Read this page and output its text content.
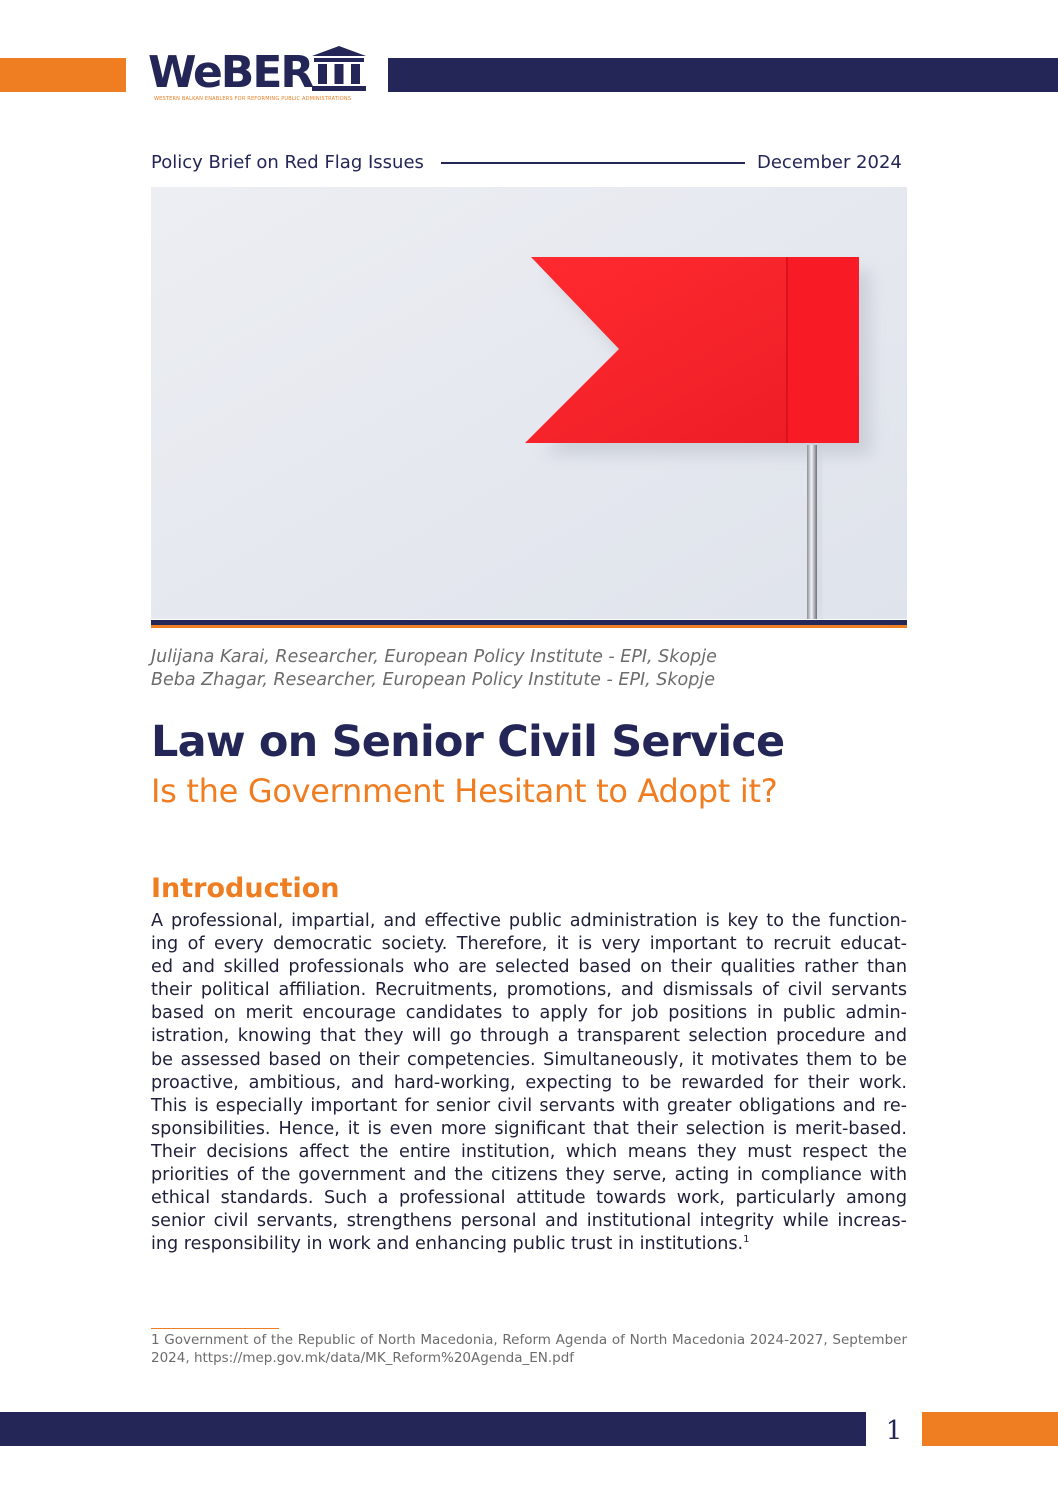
WeBER
WESTERN BALKAN ENABLERS FOR REFORMING PUBLIC ADMINISTRATIONS
Policy Brief on Red Flag Issues	December 2024
Julijana Karai, Researcher, European Policy Institute - EPI, Skopje
Beba Zhagar, Researcher, European Policy Institute - EPI, Skopje
Law on Senior Civil Service
Is the Government Hesitant to Adopt it?
Introduction
A professional, impartial, and effective public administration is key to the function-
ing of every democratic society. Therefore, it is very important to recruit educat-
ed and skilled professionals who are selected based on their qualities rather than
their political affiliation. Recruitments, promotions, and dismissals of civil servants
based on merit encourage candidates to apply for job positions in public admin-
istration, knowing that they will go through a transparent selection procedure and
be assessed based on their competencies. Simultaneously, it motivates them to be
proactive, ambitious, and hard-working, expecting to be rewarded for their work.
This is especially important for senior civil servants with greater obligations and re-
sponsibilities. Hence, it is even more significant that their selection is merit-based.
Their decisions affect the entire institution, which means they must respect the
priorities of the government and the citizens they serve, acting in compliance with
ethical standards. Such a professional attitude towards work, particularly among
senior civil servants, strengthens personal and institutional integrity while increas-
ing responsibility in work and enhancing public trust in institutions.$^1$
1 Government of the Republic of North Macedonia, Reform Agenda of North Macedonia 2024-2027, September
2024, https://mep.gov.mk/data/MK_Reform%20Agenda_EN.pdf
1
